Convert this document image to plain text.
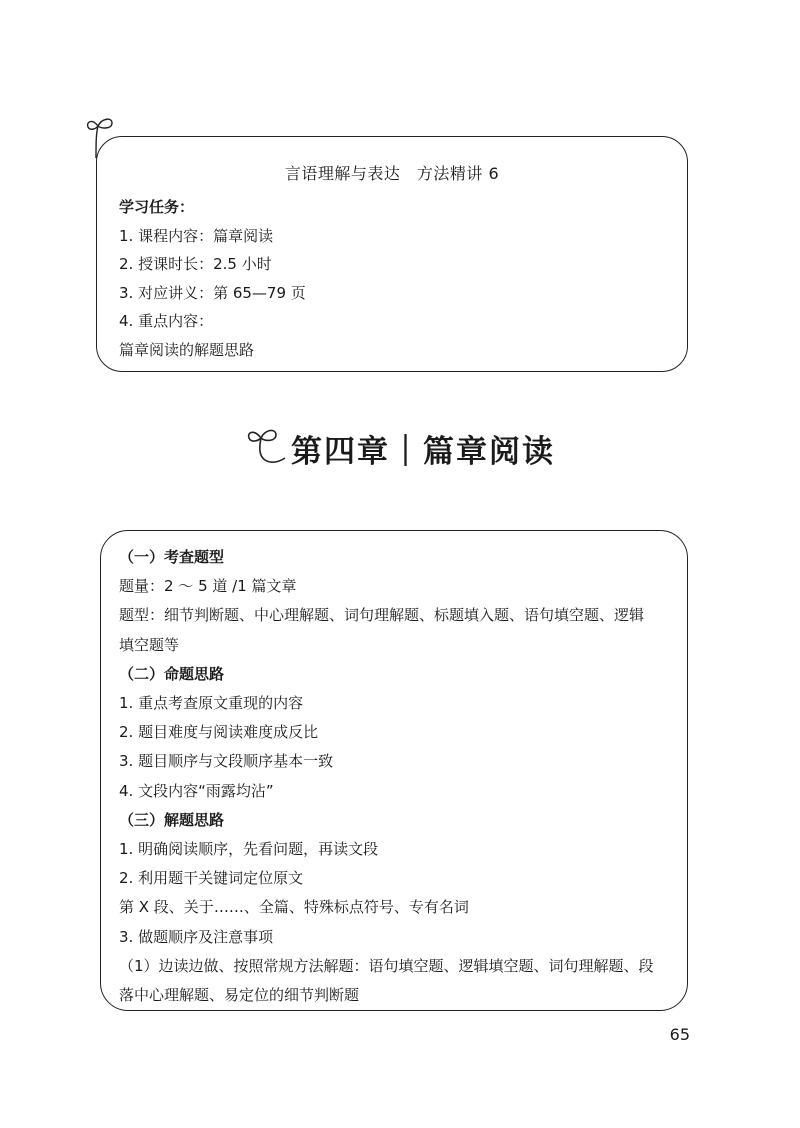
言语理解与表达　方法精讲 6
学习任务：
1. 课程内容：篇章阅读
2. 授课时长：2.5 小时
3. 对应讲义：第 65—79 页
4. 重点内容：
篇章阅读的解题思路
第四章｜篇章阅读
（一）考查题型
题量：2 ～ 5 道 /1 篇文章
题型：细节判断题、中心理解题、词句理解题、标题填入题、语句填空题、逻辑
填空题等
（二）命题思路
1. 重点考查原文重现的内容
2. 题目难度与阅读难度成反比
3. 题目顺序与文段顺序基本一致
4. 文段内容“雨露均沾”
（三）解题思路
1. 明确阅读顺序，先看问题，再读文段
2. 利用题干关键词定位原文
第 X 段、关于……、全篇、特殊标点符号、专有名词
3. 做题顺序及注意事项
（1）边读边做、按照常规方法解题：语句填空题、逻辑填空题、词句理解题、段
落中心理解题、易定位的细节判断题
65
